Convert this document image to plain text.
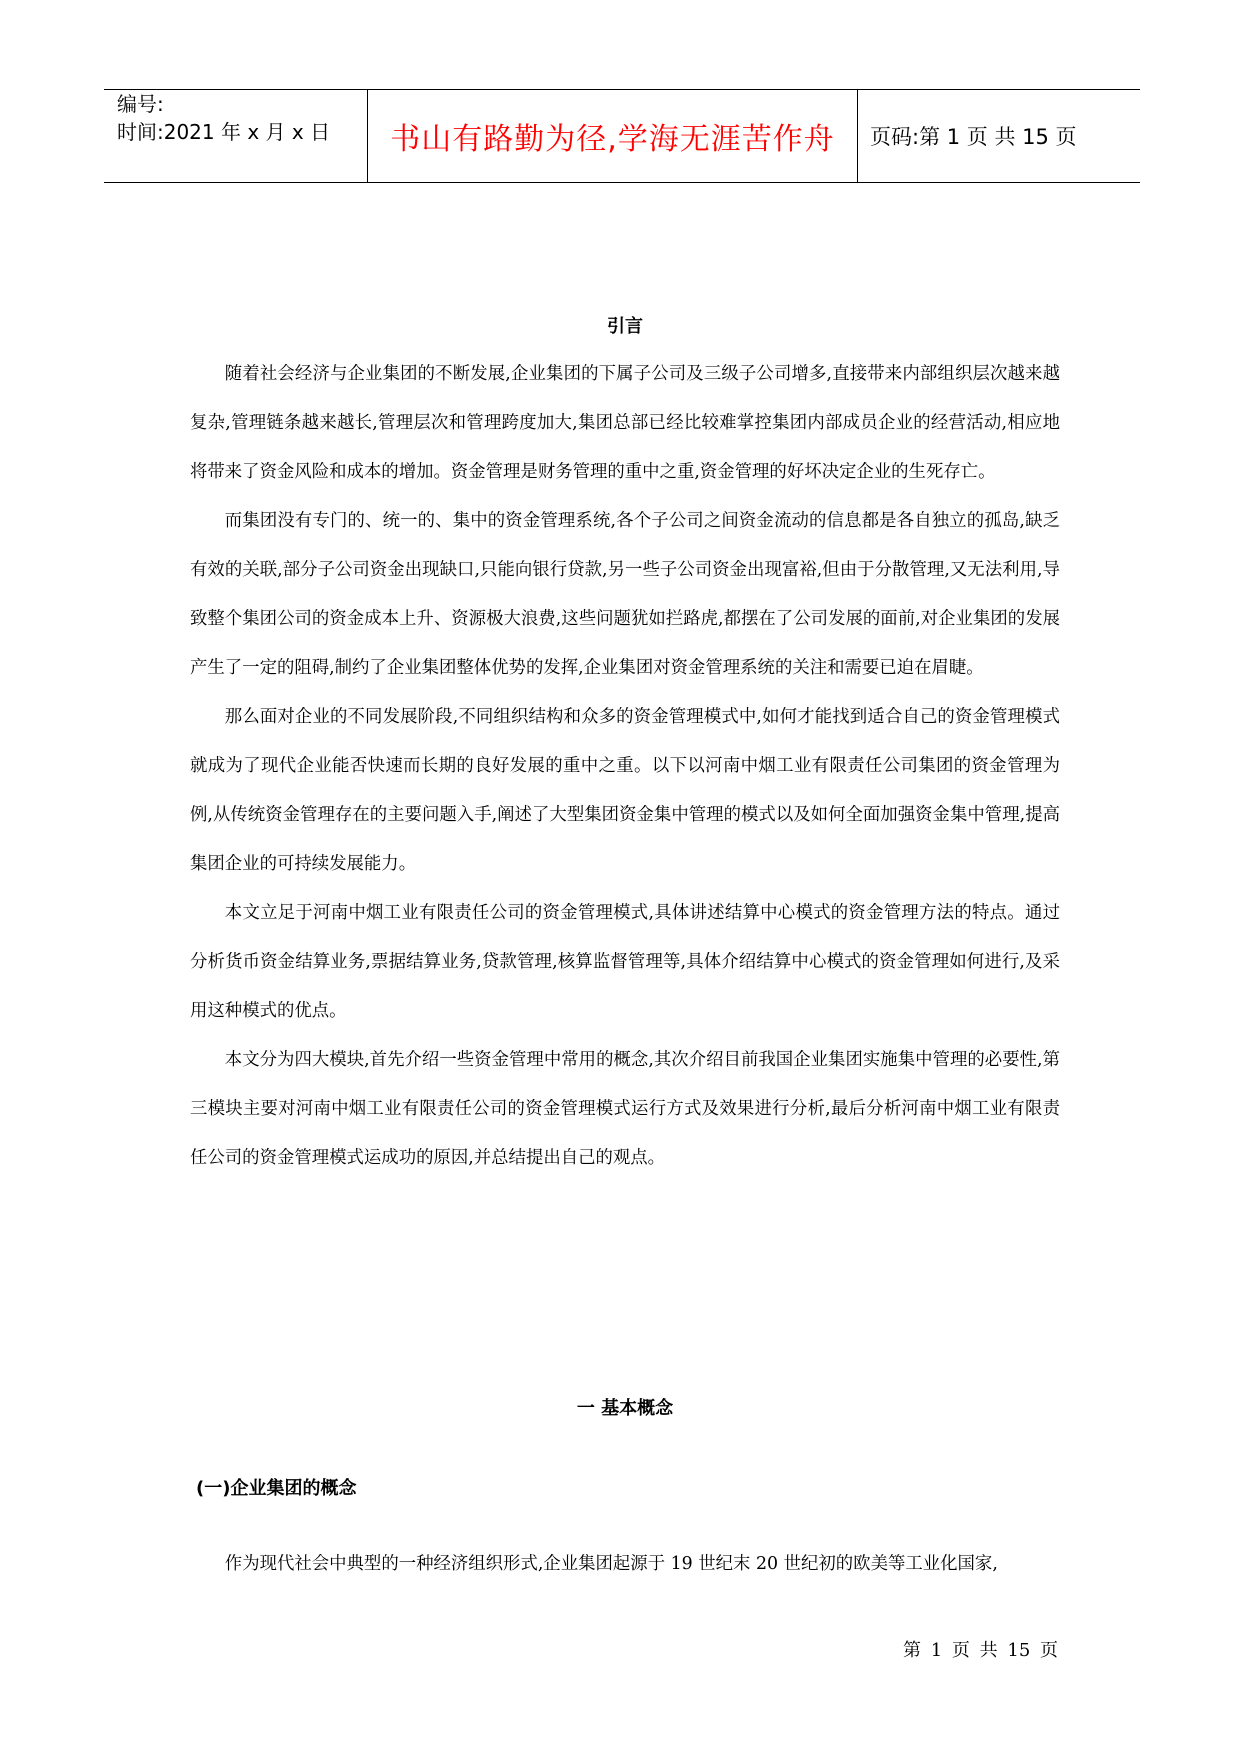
编号:
时间:2021 年 x 月 x 日	书山有路勤为径,学海无涯苦作舟	页码:第 1 页 共 15 页

引言

随着社会经济与企业集团的不断发展,企业集团的下属子公司及三级子公司增多,直接带来内部组织层次越来越复杂,管理链条越来越长,管理层次和管理跨度加大,集团总部已经比较难掌控集团内部成员企业的经营活动,相应地将带来了资金风险和成本的增加。资金管理是财务管理的重中之重,资金管理的好坏决定企业的生死存亡。

而集团没有专门的、统一的、集中的资金管理系统,各个子公司之间资金流动的信息都是各自独立的孤岛,缺乏有效的关联,部分子公司资金出现缺口,只能向银行贷款,另一些子公司资金出现富裕,但由于分散管理,又无法利用,导致整个集团公司的资金成本上升、资源极大浪费,这些问题犹如拦路虎,都摆在了公司发展的面前,对企业集团的发展产生了一定的阻碍,制约了企业集团整体优势的发挥,企业集团对资金管理系统的关注和需要已迫在眉睫。

那么面对企业的不同发展阶段,不同组织结构和众多的资金管理模式中,如何才能找到适合自己的资金管理模式就成为了现代企业能否快速而长期的良好发展的重中之重。以下以河南中烟工业有限责任公司集团的资金管理为例,从传统资金管理存在的主要问题入手,阐述了大型集团资金集中管理的模式以及如何全面加强资金集中管理,提高集团企业的可持续发展能力。

本文立足于河南中烟工业有限责任公司的资金管理模式,具体讲述结算中心模式的资金管理方法的特点。通过分析货币资金结算业务,票据结算业务,贷款管理,核算监督管理等,具体介绍结算中心模式的资金管理如何进行,及采用这种模式的优点。

本文分为四大模块,首先介绍一些资金管理中常用的概念,其次介绍目前我国企业集团实施集中管理的必要性,第三模块主要对河南中烟工业有限责任公司的资金管理模式运行方式及效果进行分析,最后分析河南中烟工业有限责任公司的资金管理模式运成功的原因,并总结提出自己的观点。

一 基本概念

(一)企业集团的概念

作为现代社会中典型的一种经济组织形式,企业集团起源于 19 世纪末 20 世纪初的欧美等工业化国家,

第 1 页 共 15 页
